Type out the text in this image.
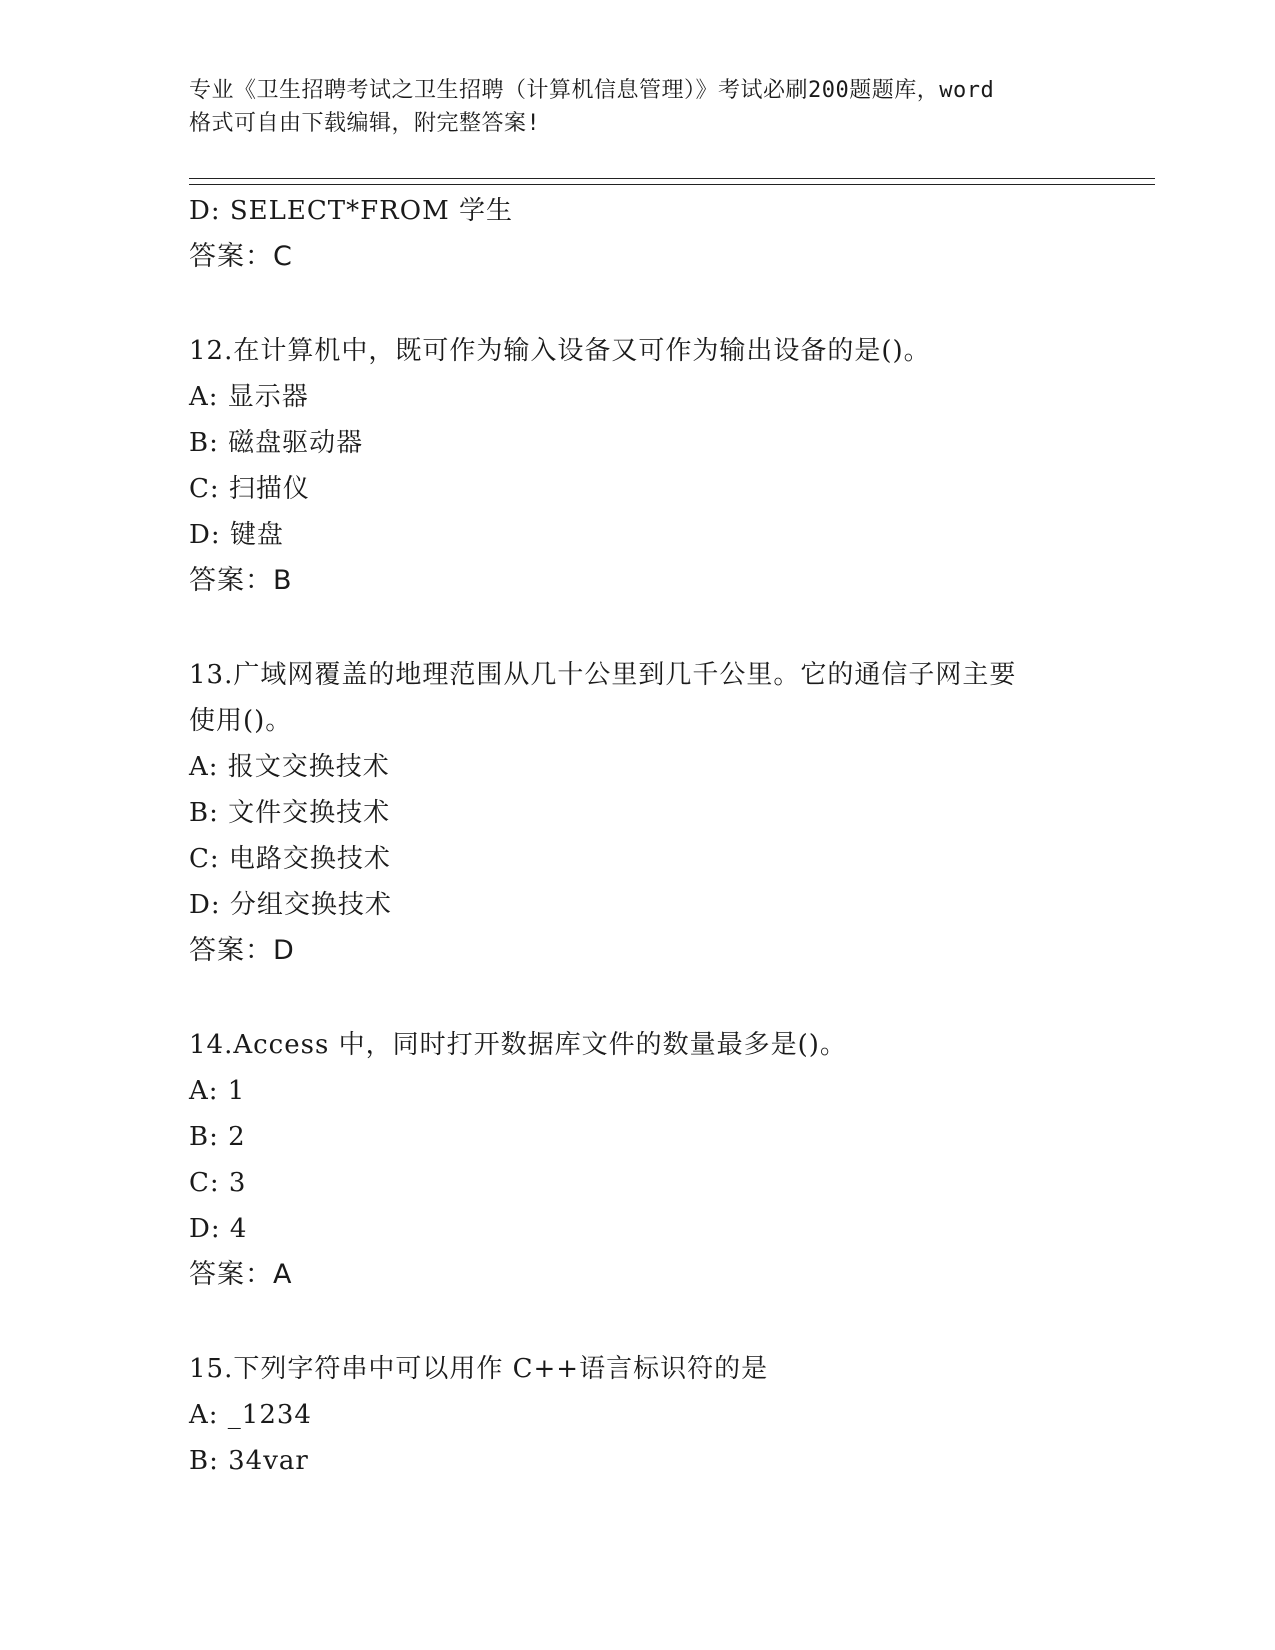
专业《卫生招聘考试之卫生招聘（计算机信息管理）》考试必刷200题题库，word
格式可自由下载编辑，附完整答案!
D: SELECT*FROM 学生
答案：C
12.在计算机中，既可作为输入设备又可作为输出设备的是()。
A: 显示器
B: 磁盘驱动器
C: 扫描仪
D: 键盘
答案：B
13.广域网覆盖的地理范围从几十公里到几千公里。它的通信子网主要
使用()。
A: 报文交换技术
B: 文件交换技术
C: 电路交换技术
D: 分组交换技术
答案：D
14.Access 中，同时打开数据库文件的数量最多是()。
A: 1
B: 2
C: 3
D: 4
答案：A
15.下列字符串中可以用作 C++语言标识符的是
A: _1234
B: 34var
